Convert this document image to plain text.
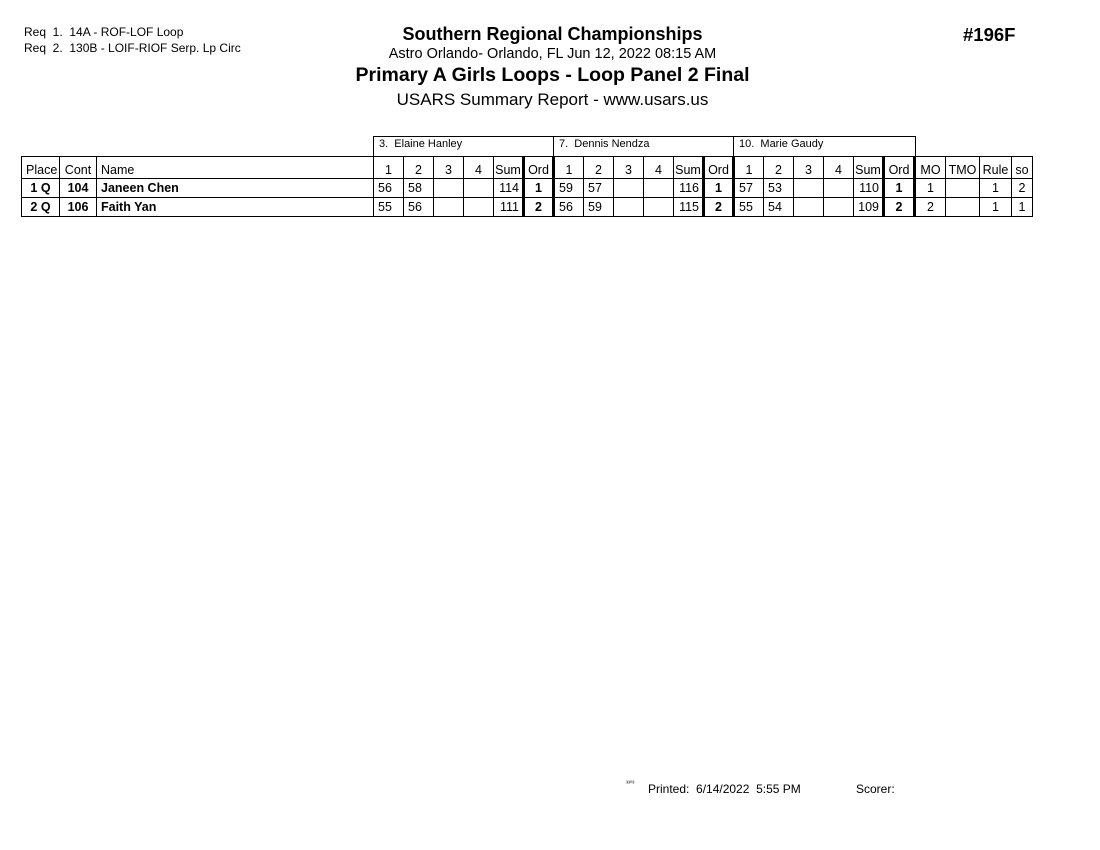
Req  1.  14A - ROF-LOF Loop
Req  2.  130B - LOIF-RIOF Serp. Lp Circ
Southern Regional Championships
Astro Orlando- Orlando, FL Jun 12, 2022 08:15 AM
Primary A Girls Loops - Loop Panel 2 Final
USARS Summary Report - www.usars.us
#196F
3.  Elaine Hanley	7.  Dennis Nendza	10.  Marie Gaudy
Place	Cont	Name	1	2	3	4	Sum	Ord	1	2	3	4	Sum	Ord	1	2	3	4	Sum	Ord	MO	TMO	Rule	so
1 Q	104	Janeen Chen	56	58			114	1	59	57			116	1	57	53			110	1	1		1	2
2 Q	106	Faith Yan	55	56			111	2	56	59			115	2	55	54			109	2	2		1	1
³³⁰³ Printed:  6/14/2022  5:55 PM	Scorer:
